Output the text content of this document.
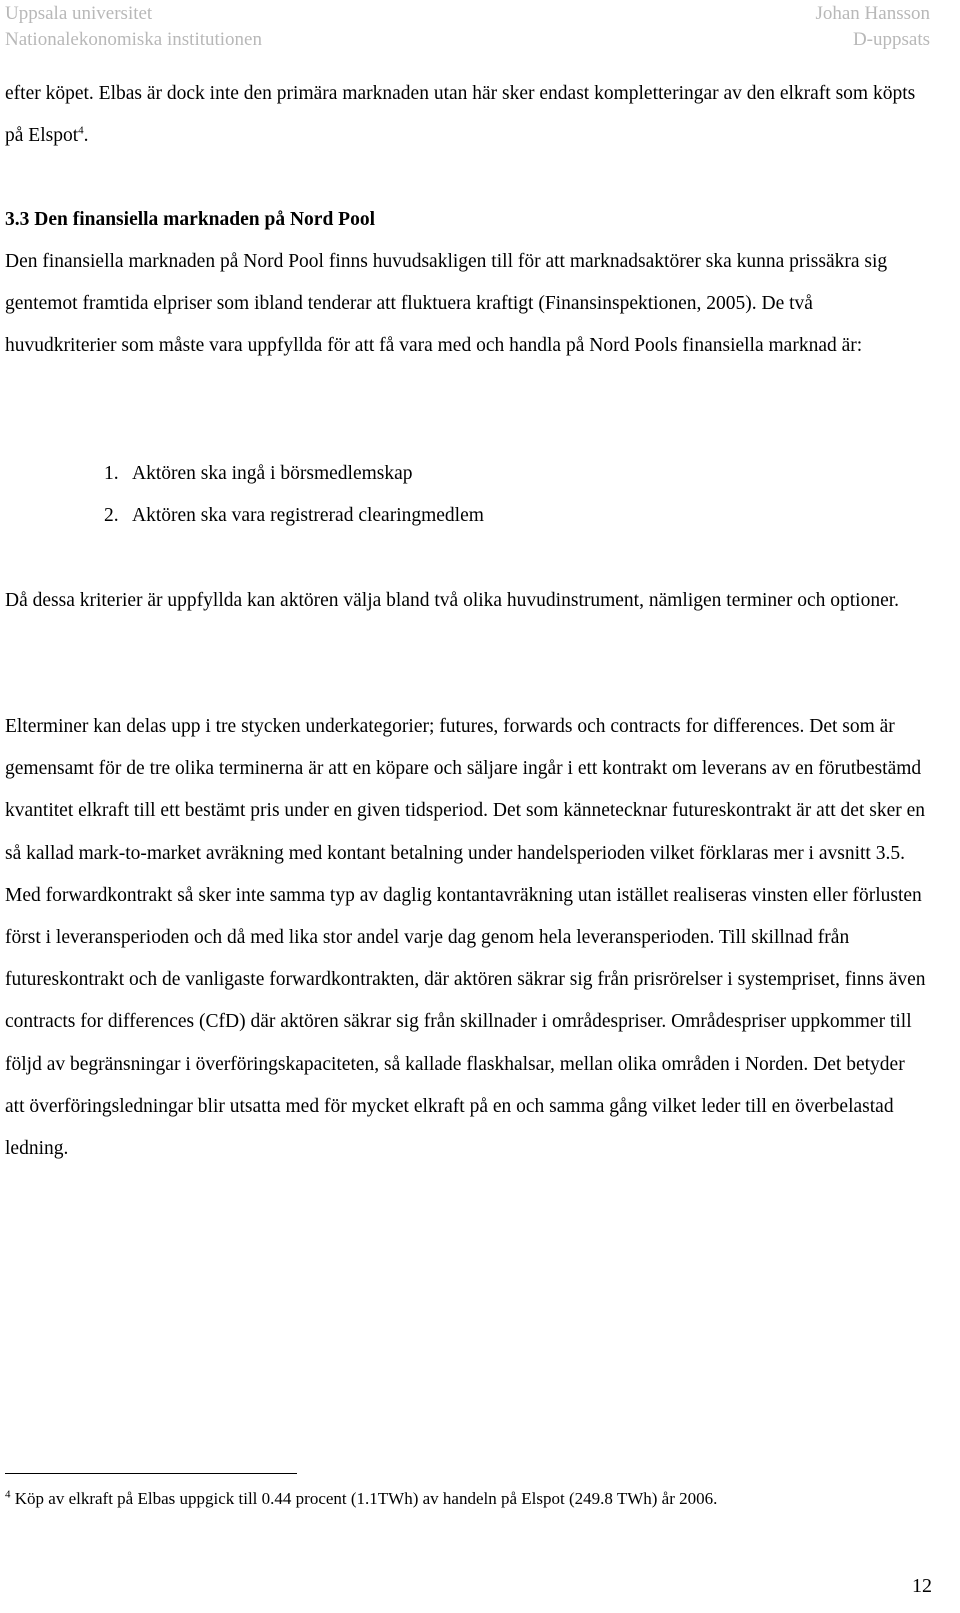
Uppsala universitet
Nationalekonomiska institutionen
Johan Hansson
D-uppsats

efter köpet. Elbas är dock inte den primära marknaden utan här sker endast kompletteringar av den elkraft som köpts på Elspot$^4$.

3.3 Den finansiella marknaden på Nord Pool

Den finansiella marknaden på Nord Pool finns huvudsakligen till för att marknadsaktörer ska kunna prissäkra sig gentemot framtida elpriser som ibland tenderar att fluktuera kraftigt (Finansinspektionen, 2005). De två huvudkriterier som måste vara uppfyllda för att få vara med och handla på Nord Pools finansiella marknad är:

1. Aktören ska ingå i börsmedlemskap
2. Aktören ska vara registrerad clearingmedlem

Då dessa kriterier är uppfyllda kan aktören välja bland två olika huvudinstrument, nämligen terminer och optioner.

Elterminer kan delas upp i tre stycken underkategorier; futures, forwards och contracts for differences. Det som är gemensamt för de tre olika terminerna är att en köpare och säljare ingår i ett kontrakt om leverans av en förutbestämd kvantitet elkraft till ett bestämt pris under en given tidsperiod. Det som kännetecknar futureskontrakt är att det sker en så kallad mark-to-market avräkning med kontant betalning under handelsperioden vilket förklaras mer i avsnitt 3.5. Med forwardkontrakt så sker inte samma typ av daglig kontantavräkning utan istället realiseras vinsten eller förlusten först i leveransperioden och då med lika stor andel varje dag genom hela leveransperioden. Till skillnad från futureskontrakt och de vanligaste forwardkontrakten, där aktören säkrar sig från prisrörelser i systempriset, finns även contracts for differences (CfD) där aktören säkrar sig från skillnader i områdespriser. Områdespriser uppkommer till följd av begränsningar i överföringskapaciteten, så kallade flaskhalsar, mellan olika områden i Norden. Det betyder att överföringsledningar blir utsatta med för mycket elkraft på en och samma gång vilket leder till en överbelastad ledning.

$^4$ Köp av elkraft på Elbas uppgick till 0.44 procent (1.1TWh) av handeln på Elspot (249.8 TWh) år 2006.

12
